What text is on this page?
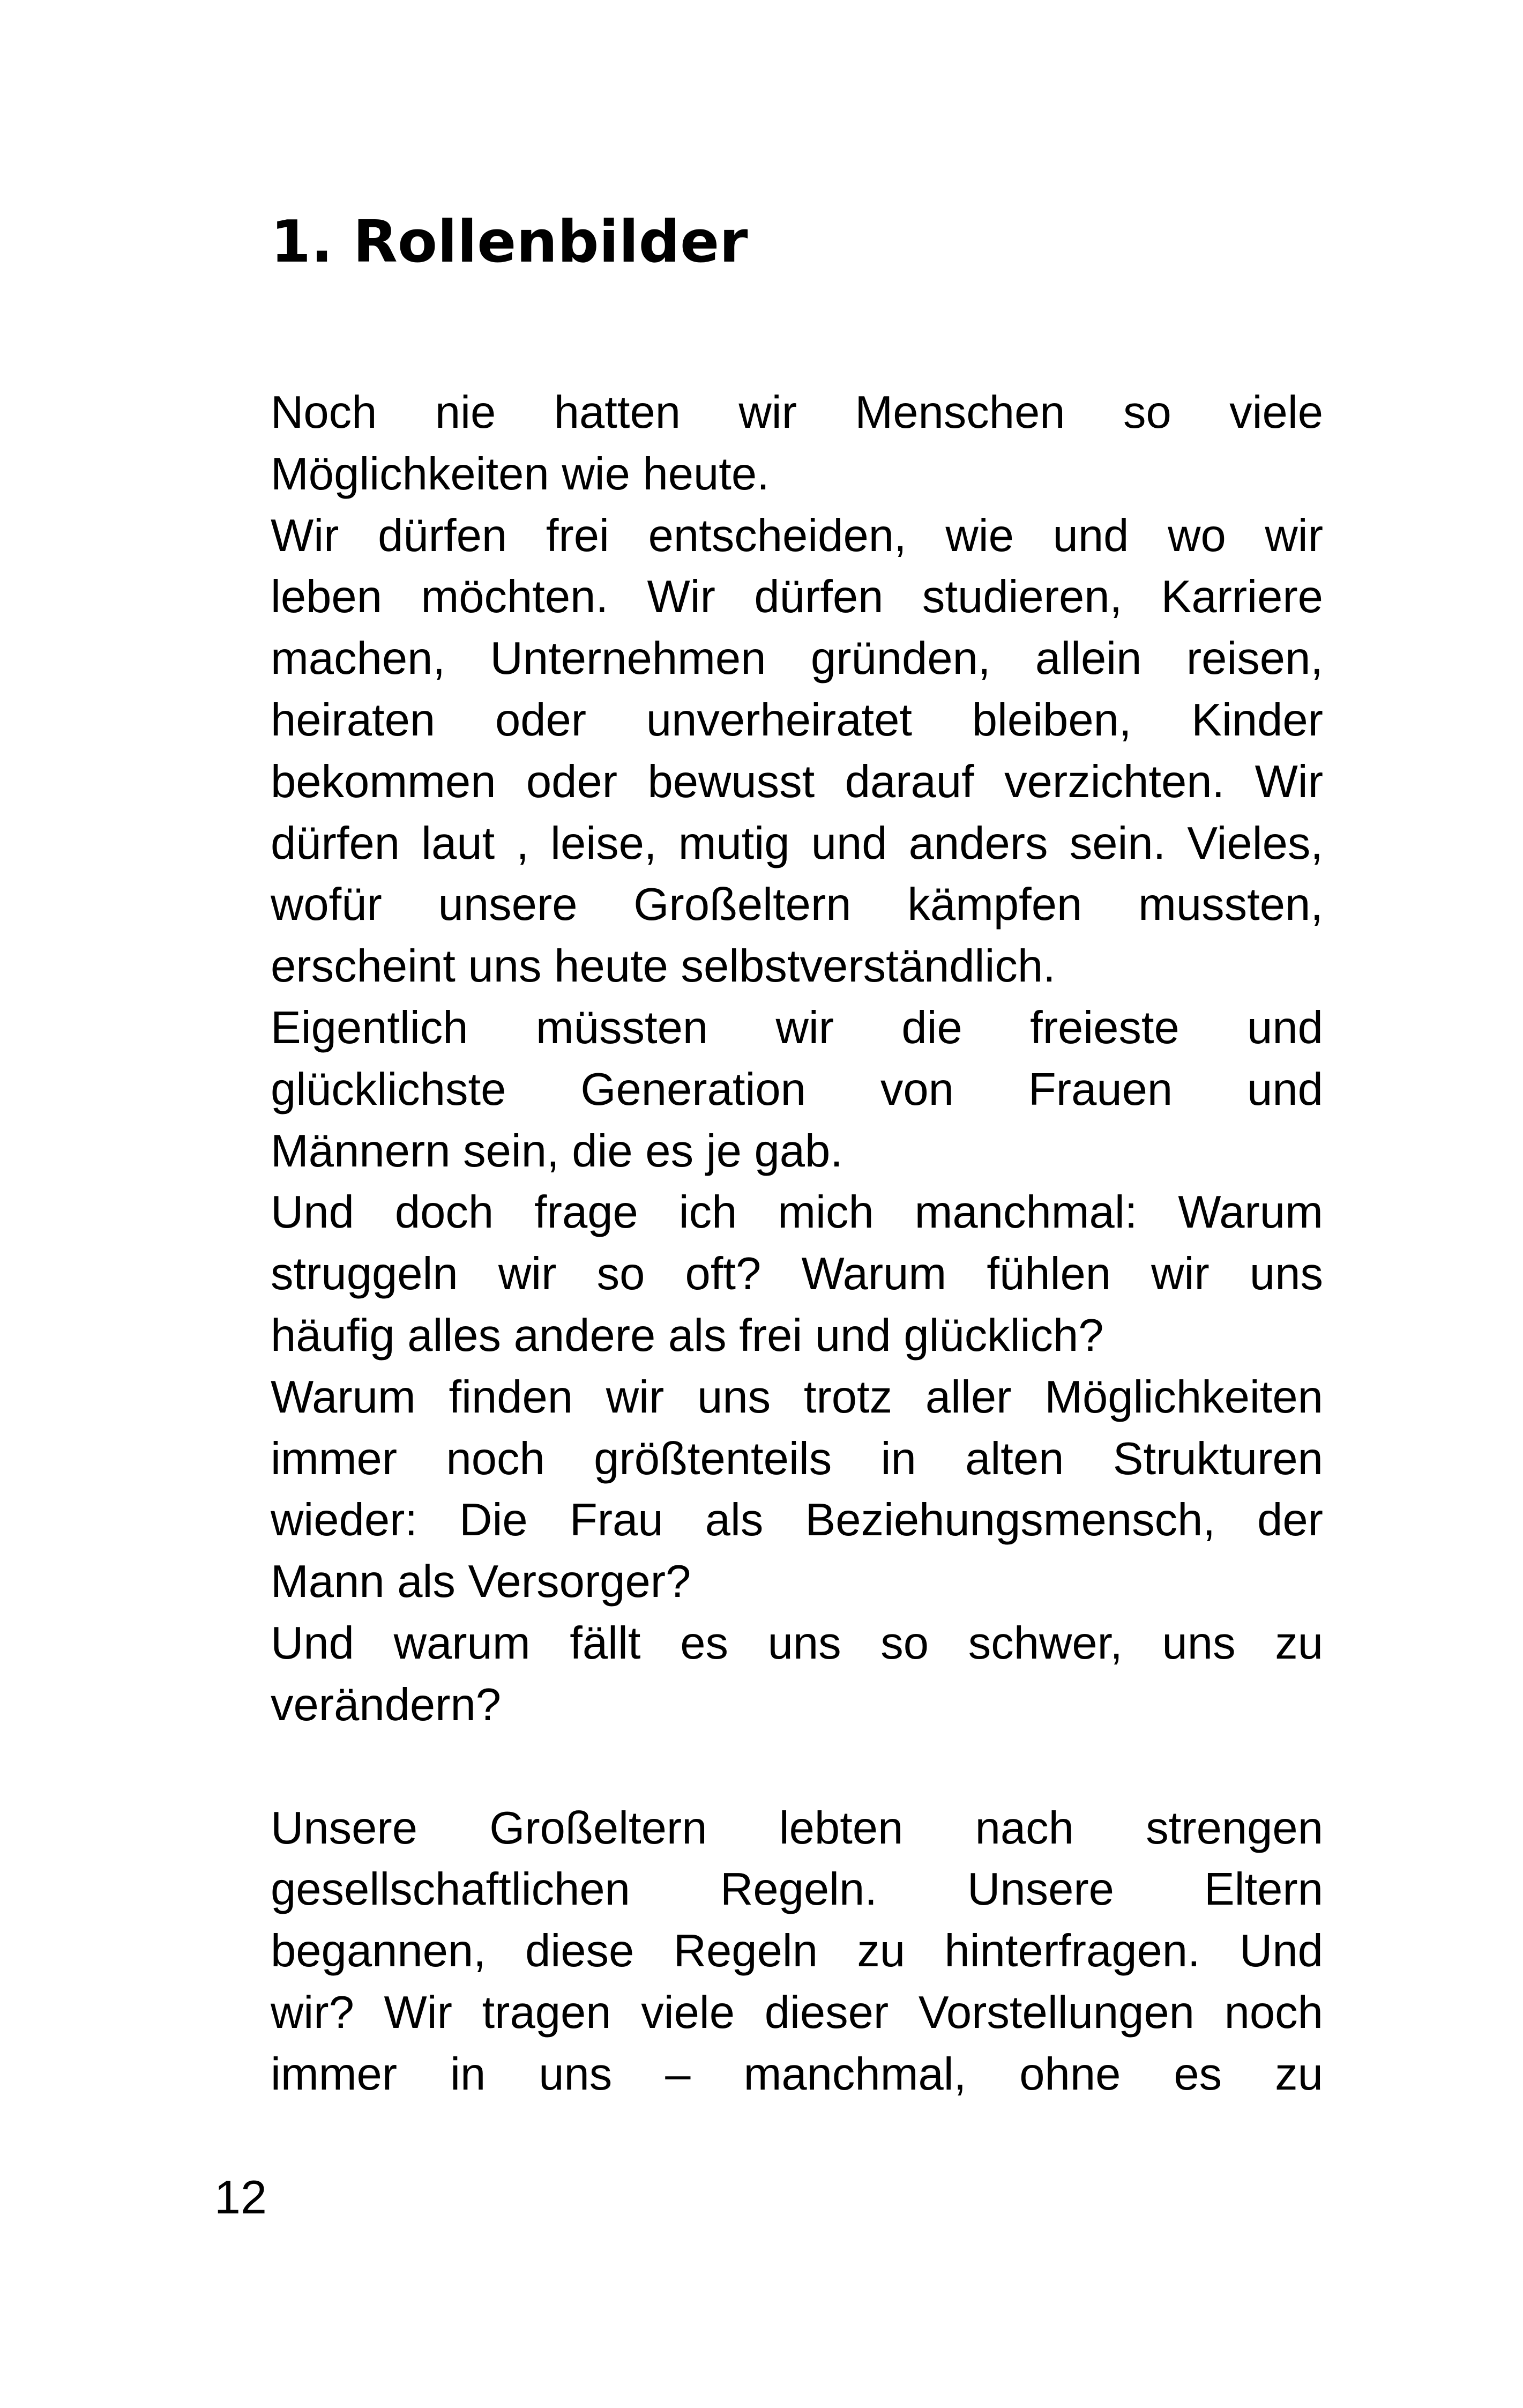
1. Rollenbilder
Noch nie hatten wir Menschen so viele
Möglichkeiten wie heute.
Wir dürfen frei entscheiden, wie und wo wir
leben möchten. Wir dürfen studieren, Karriere
machen, Unternehmen gründen, allein reisen,
heiraten oder unverheiratet bleiben, Kinder
bekommen oder bewusst darauf verzichten. Wir
dürfen laut , leise, mutig und anders sein. Vieles,
wofür unsere Großeltern kämpfen mussten,
erscheint uns heute selbstverständlich.
Eigentlich müssten wir die freieste und
glücklichste Generation von Frauen und
Männern sein, die es je gab.
Und doch frage ich mich manchmal: Warum
struggeln wir so oft? Warum fühlen wir uns
häufig alles andere als frei und glücklich?
Warum finden wir uns trotz aller Möglichkeiten
immer noch größtenteils in alten Strukturen
wieder: Die Frau als Beziehungsmensch, der
Mann als Versorger?
Und warum fällt es uns so schwer, uns zu
verändern?
Unsere Großeltern lebten nach strengen
gesellschaftlichen Regeln. Unsere Eltern
begannen, diese Regeln zu hinterfragen. Und
wir? Wir tragen viele dieser Vorstellungen noch
immer in uns – manchmal, ohne es zu
12
